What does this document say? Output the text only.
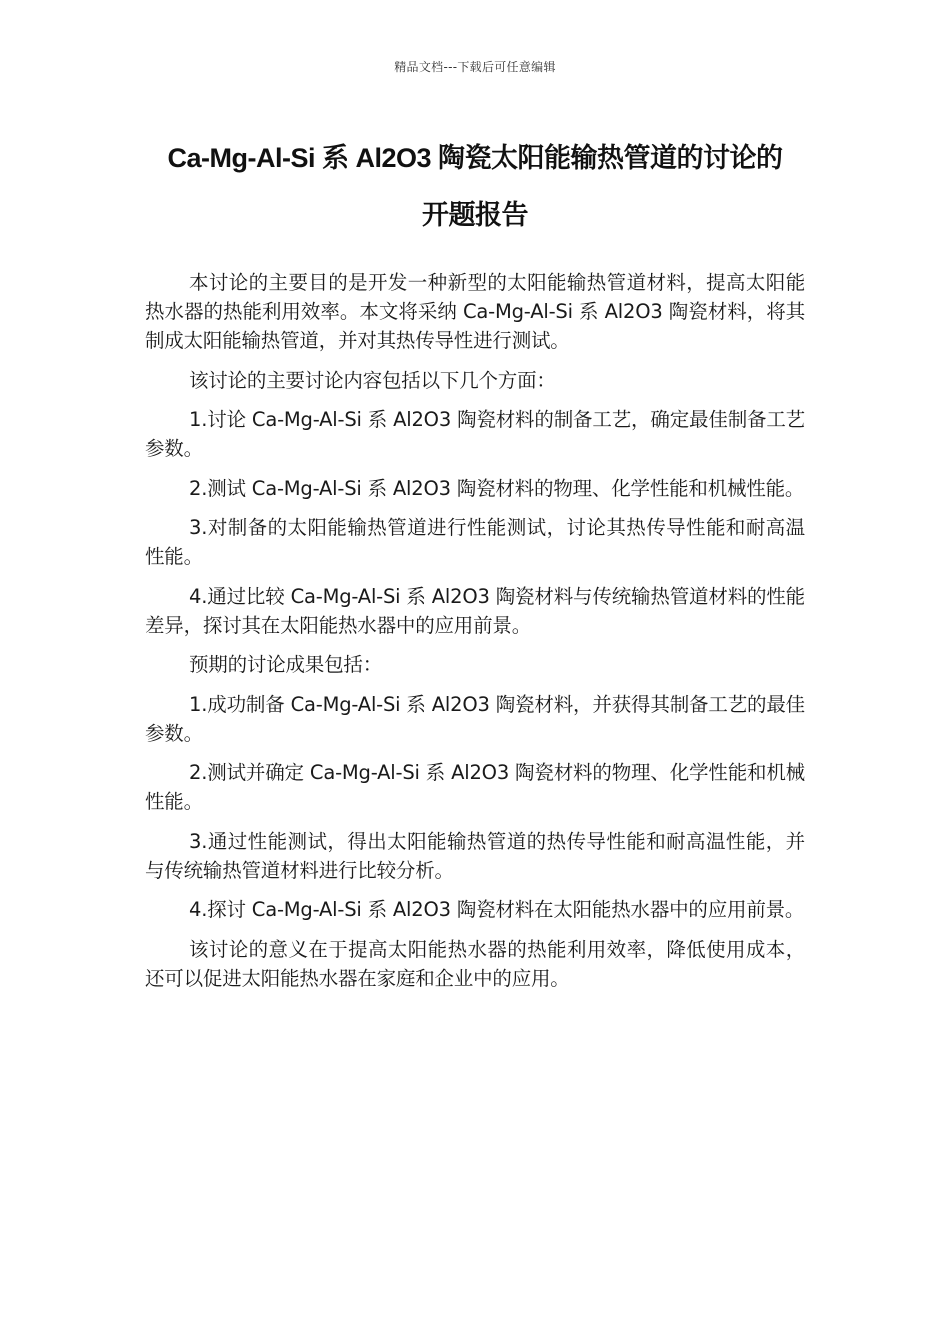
精品文档---下载后可任意编辑
Ca-Mg-Al-Si 系 Al2O3 陶瓷太阳能输热管道的讨论的
开题报告

本讨论的主要目的是开发一种新型的太阳能输热管道材料，提高太阳能热水器的热能利用效率。本文将采纳 Ca-Mg-Al-Si 系 Al2O3 陶瓷材料，将其制成太阳能输热管道，并对其热传导性进行测试。

该讨论的主要讨论内容包括以下几个方面：

1.讨论 Ca-Mg-Al-Si 系 Al2O3 陶瓷材料的制备工艺，确定最佳制备工艺参数。

2.测试 Ca-Mg-Al-Si 系 Al2O3 陶瓷材料的物理、化学性能和机械性能。

3.对制备的太阳能输热管道进行性能测试，讨论其热传导性能和耐高温性能。

4.通过比较 Ca-Mg-Al-Si 系 Al2O3 陶瓷材料与传统输热管道材料的性能差异，探讨其在太阳能热水器中的应用前景。

预期的讨论成果包括：

1.成功制备 Ca-Mg-Al-Si 系 Al2O3 陶瓷材料，并获得其制备工艺的最佳参数。

2.测试并确定 Ca-Mg-Al-Si 系 Al2O3 陶瓷材料的物理、化学性能和机械性能。

3.通过性能测试，得出太阳能输热管道的热传导性能和耐高温性能，并与传统输热管道材料进行比较分析。

4.探讨 Ca-Mg-Al-Si 系 Al2O3 陶瓷材料在太阳能热水器中的应用前景。

该讨论的意义在于提高太阳能热水器的热能利用效率，降低使用成本，还可以促进太阳能热水器在家庭和企业中的应用。
